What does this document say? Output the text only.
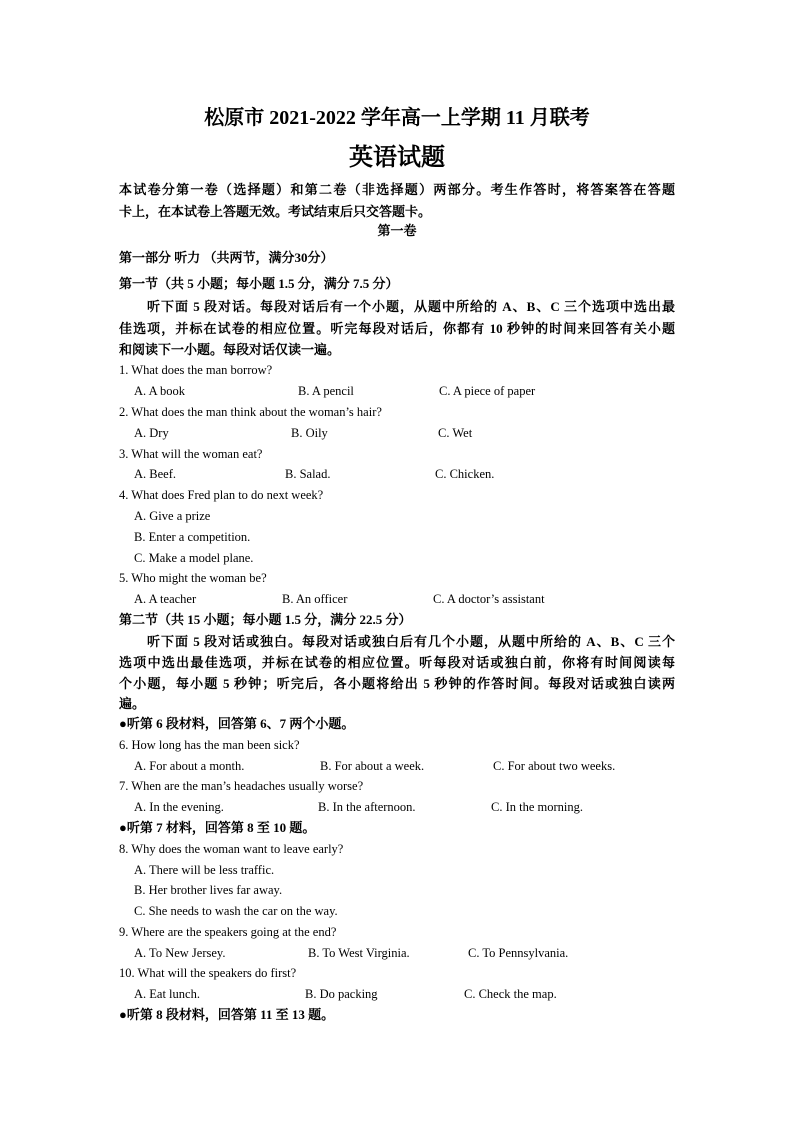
松原市 2021-2022 学年高一上学期 11 月联考
英语试题
本试卷分第一卷（选择题）和第二卷（非选择题）两部分。考生作答时，将答案答在答题
卡上，在本试卷上答题无效。考试结束后只交答题卡。
第一卷
第一部分 听力 （共两节，满分30分）
第一节（共 5 小题；每小题 1.5 分，满分 7.5 分）
听下面 5 段对话。每段对话后有一个小题，从题中所给的 A、B、C 三个选项中选出最
佳选项，并标在试卷的相应位置。听完每段对话后，你都有 10 秒钟的时间来回答有关小题
和阅读下一小题。每段对话仅读一遍。
1. What does the man borrow?
A. A book	B. A pencil	C. A piece of paper
2. What does the man think about the woman’s hair?
A. Dry	B. Oily	C. Wet
3. What will the woman eat?
A. Beef.	B. Salad.	C. Chicken.
4. What does Fred plan to do next week?
A. Give a prize
B. Enter a competition.
C. Make a model plane.
5. Who might the woman be?
A. A teacher	B. An officer	C. A doctor’s assistant
第二节（共 15 小题；每小题 1.5 分，满分 22.5 分）
听下面 5 段对话或独白。每段对话或独白后有几个小题，从题中所给的 A、B、C 三个
选项中选出最佳选项，并标在试卷的相应位置。听每段对话或独白前，你将有时间阅读每
个小题，每小题 5 秒钟；听完后，各小题将给出 5 秒钟的作答时间。每段对话或独白读两
遍。
●听第 6 段材料，回答第 6、7 两个小题。
6. How long has the man been sick?
A. For about a month.	B. For about a week.	C. For about two weeks.
7. When are the man’s headaches usually worse?
A. In the evening.	B. In the afternoon.	C. In the morning.
●听第 7 材料，回答第 8 至 10 题。
8. Why does the woman want to leave early?
A. There will be less traffic.
B. Her brother lives far away.
C. She needs to wash the car on the way.
9. Where are the speakers going at the end?
A. To New Jersey.	B. To West Virginia.	C. To Pennsylvania.
10. What will the speakers do first?
A. Eat lunch.	B. Do packing	C. Check the map.
●听第 8 段材料，回答第 11 至 13 题。
